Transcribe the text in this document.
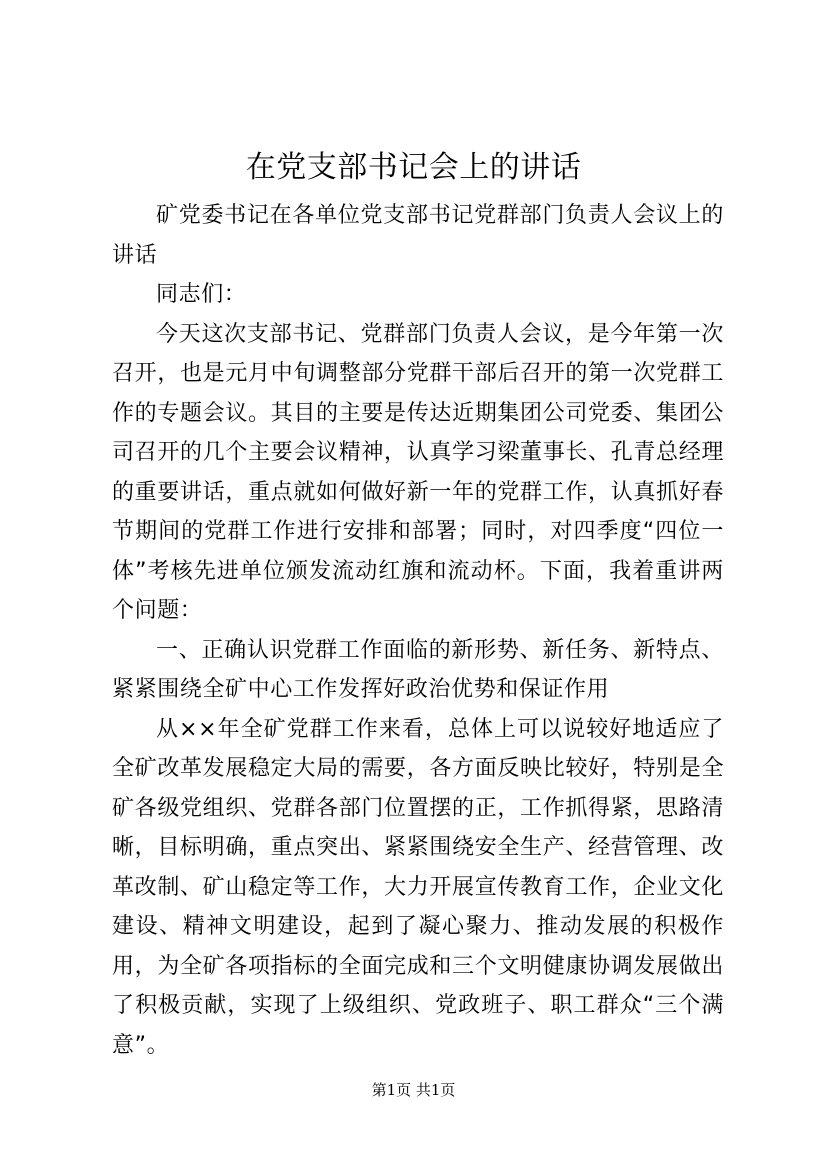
在党支部书记会上的讲话

矿党委书记在各单位党支部书记党群部门负责人会议上的讲话

同志们：

今天这次支部书记、党群部门负责人会议，是今年第一次召开，也是元月中旬调整部分党群干部后召开的第一次党群工作的专题会议。其目的主要是传达近期集团公司党委、集团公司召开的几个主要会议精神，认真学习梁董事长、孔青总经理的重要讲话，重点就如何做好新一年的党群工作，认真抓好春节期间的党群工作进行安排和部署；同时，对四季度“四位一体”考核先进单位颁发流动红旗和流动杯。下面，我着重讲两个问题：

一、正确认识党群工作面临的新形势、新任务、新特点、紧紧围绕全矿中心工作发挥好政治优势和保证作用

从××年全矿党群工作来看，总体上可以说较好地适应了全矿改革发展稳定大局的需要，各方面反映比较好，特别是全矿各级党组织、党群各部门位置摆的正，工作抓得紧，思路清晰，目标明确，重点突出、紧紧围绕安全生产、经营管理、改革改制、矿山稳定等工作，大力开展宣传教育工作，企业文化建设、精神文明建设，起到了凝心聚力、推动发展的积极作用，为全矿各项指标的全面完成和三个文明健康协调发展做出了积极贡献，实现了上级组织、党政班子、职工群众“三个满意”。

第1页 共1页
